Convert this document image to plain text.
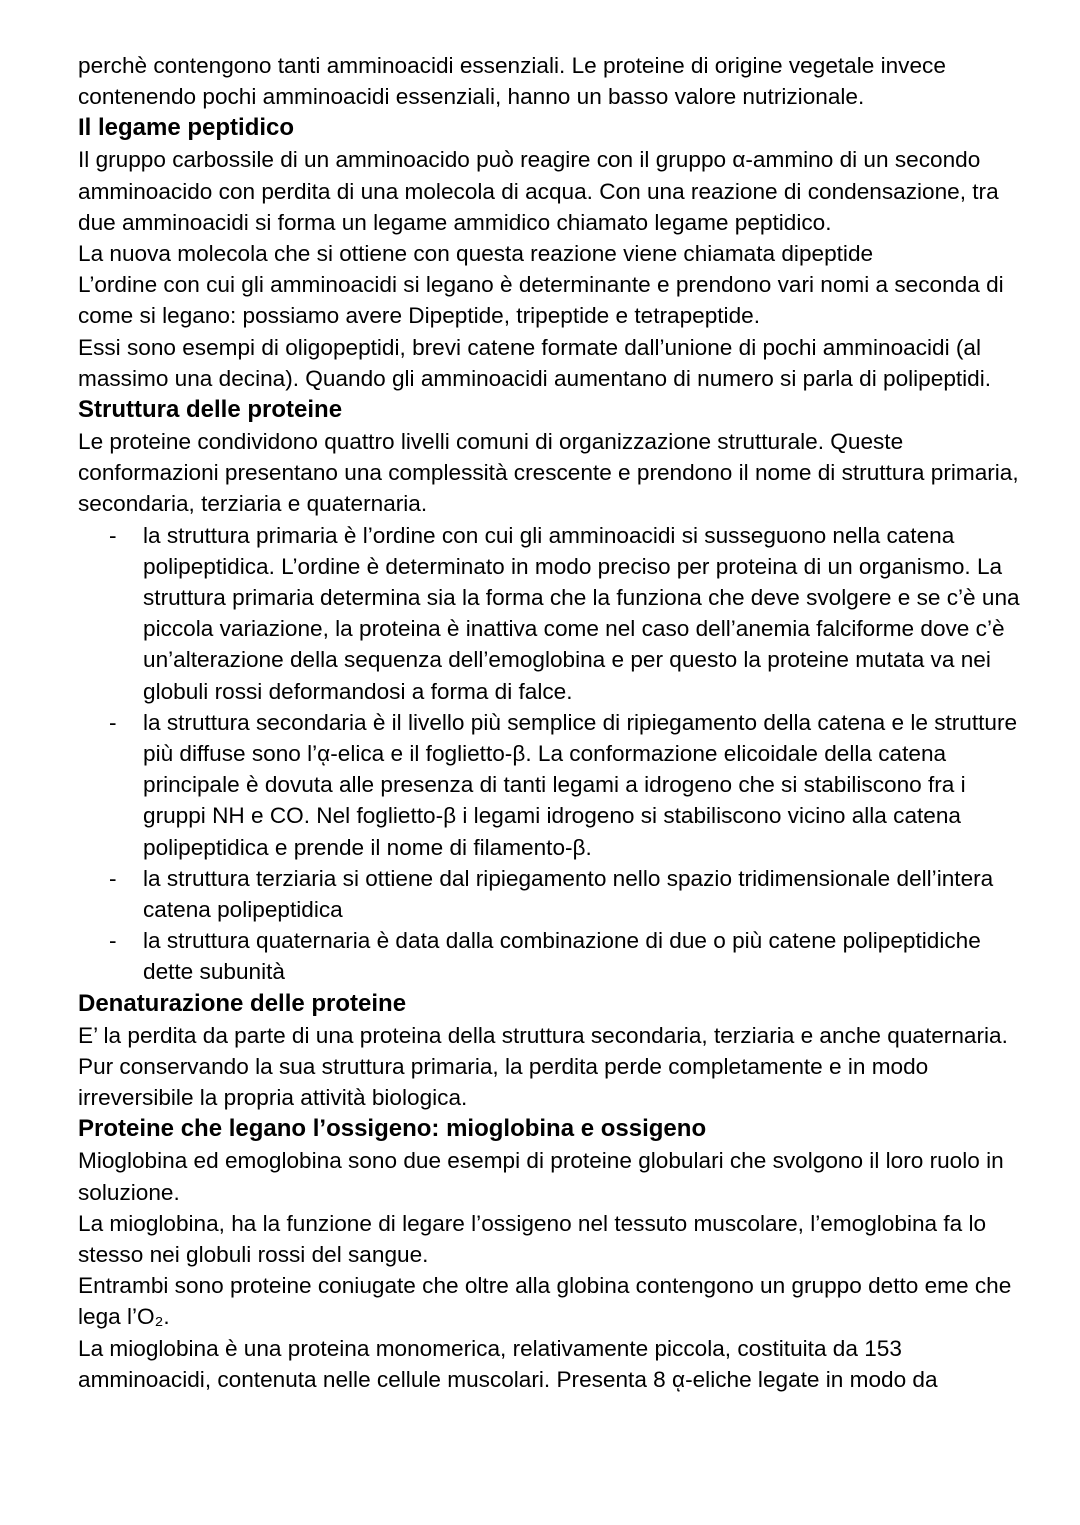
perchè contengono tanti amminoacidi essenziali. Le proteine di origine vegetale invece contenendo pochi amminoacidi essenziali, hanno un basso valore nutrizionale.

Il legame peptidico

Il gruppo carbossile di un amminoacido può reagire con il gruppo α-ammino di un secondo amminoacido con perdita di una molecola di acqua. Con una reazione di condensazione, tra due amminoacidi si forma un legame ammidico chiamato legame peptidico.

La nuova molecola che si ottiene con questa reazione viene chiamata dipeptide

L’ordine con cui gli amminoacidi si legano è determinante e prendono vari nomi a seconda di come si legano: possiamo avere Dipeptide, tripeptide e tetrapeptide.

Essi sono esempi di oligopeptidi, brevi catene formate dall’unione di pochi amminoacidi (al massimo una decina). Quando gli amminoacidi aumentano di numero si parla di polipeptidi.

Struttura delle proteine

Le proteine condividono quattro livelli comuni di organizzazione strutturale. Queste conformazioni presentano una complessità crescente e prendono il nome di struttura primaria, secondaria, terziaria e quaternaria.

- la struttura primaria è l’ordine con cui gli amminoacidi si susseguono nella catena polipeptidica. L’ordine è determinato in modo preciso per proteina di un organismo. La struttura primaria determina sia la forma che la funziona che deve svolgere e se c’è una piccola variazione, la proteina è inattiva come nel caso dell’anemia falciforme dove c’è un’alterazione della sequenza dell’emoglobina e per questo la proteine mutata va nei globuli rossi deformandosi a forma di falce.
- la struttura secondaria è il livello più semplice di ripiegamento della catena e le strutture più diffuse sono l’ᾳ-elica e il foglietto-β. La conformazione elicoidale della catena principale è dovuta alle presenza di tanti legami a idrogeno che si stabiliscono fra i gruppi NH e CO. Nel foglietto-β i legami idrogeno si stabiliscono vicino alla catena polipeptidica e prende il nome di filamento-β.
- la struttura terziaria si ottiene dal ripiegamento nello spazio tridimensionale dell’intera catena polipeptidica
- la struttura quaternaria è data dalla combinazione di due o più catene polipeptidiche dette subunità
Denaturazione delle proteine

E’ la perdita da parte di una proteina della struttura secondaria, terziaria e anche quaternaria. Pur conservando la sua struttura primaria, la perdita perde completamente e in modo irreversibile la propria attività biologica.

Proteine che legano l’ossigeno: mioglobina e ossigeno

Mioglobina ed emoglobina sono due esempi di proteine globulari che svolgono il loro ruolo in soluzione.

La mioglobina, ha la funzione di legare l’ossigeno nel tessuto muscolare, l’emoglobina fa lo stesso nei globuli rossi del sangue.

Entrambi sono proteine coniugate che oltre alla globina contengono un gruppo detto eme che lega l’O₂.

La mioglobina è una proteina monomerica, relativamente piccola, costituita da 153 amminoacidi, contenuta nelle cellule muscolari. Presenta 8 ᾳ-eliche legate in modo da
